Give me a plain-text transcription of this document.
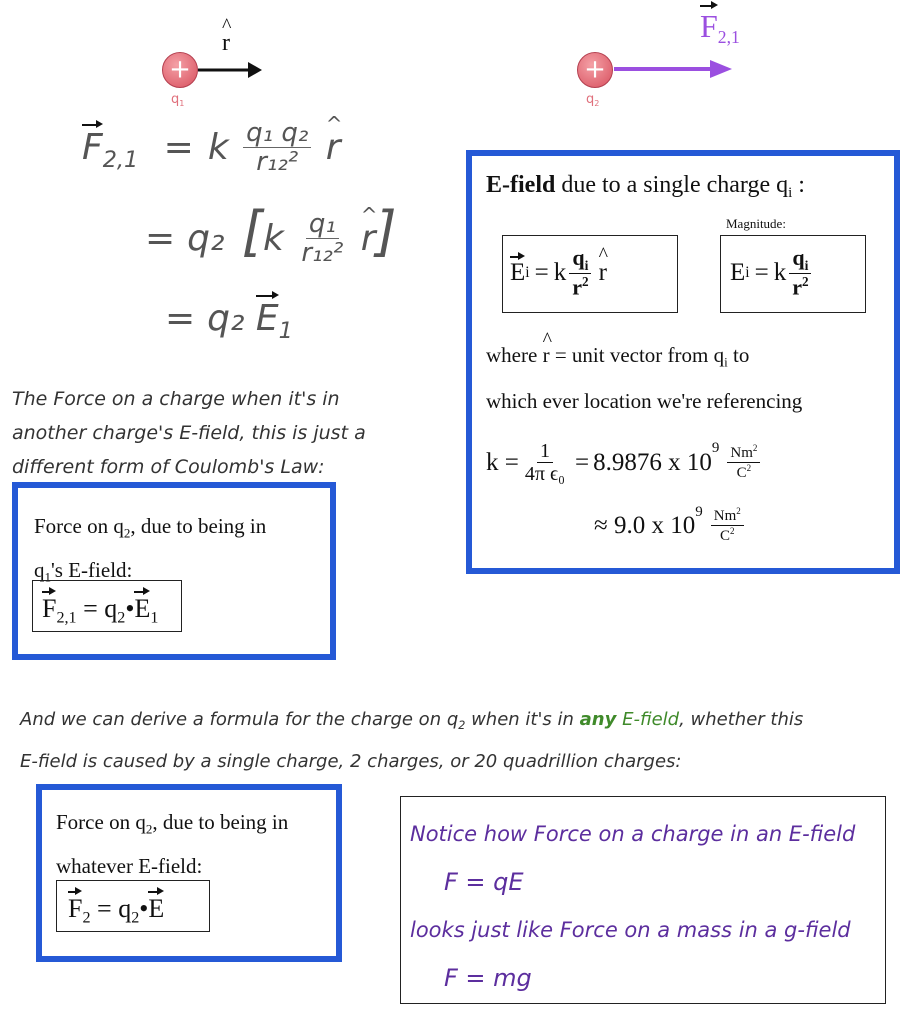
+
$q_1$
^ r
+
$q_2$
$F_{2,1}$
$F_{2,1} = k \frac{\text{q₁ q₂}}{\text{r₁₂²}}$ ^ r
= q₂ [$k \frac{\text{q₁}}{\text{r₁₂²}}$ ^ r]
= q₂ $E_1$
The Force on a charge when it's in
another charge's E-field, this is just a
different form of Coulomb's Law:
Force on $q_2$, due to being in
$q_1's$ E-field:
$F_{2,1}$ = $q_2•E_1$
E-field due to a single charge $q_i$ :
Magnitude:
E i = k $\frac{q_i}{r^2}$ ^ r	E i = k $\frac{q_i}{r^2}$
where ^ r = unit vector from $q_i$ to
which ever location we're referencing
$k = \frac{1}{\text{4π ϵ₀}} = 8.9876$ x 10
$^9 \frac{Nm^2}{C^2}$
≈ 9.0 x $10^9 \frac{Nm^2}{C^2}$
And we can derive a formula for the charge on $q_2$ when it's in any E-field, whether this
E-field is caused by a single charge, 2 charges, or 20 quadrillion charges:
Force on $q_2$, due to being in
whatever E-field:
$F_2$ = $q_2•E$
Notice how Force on a charge in an E-field
F = qE
looks just like Force on a mass in a g-field
F = mg
